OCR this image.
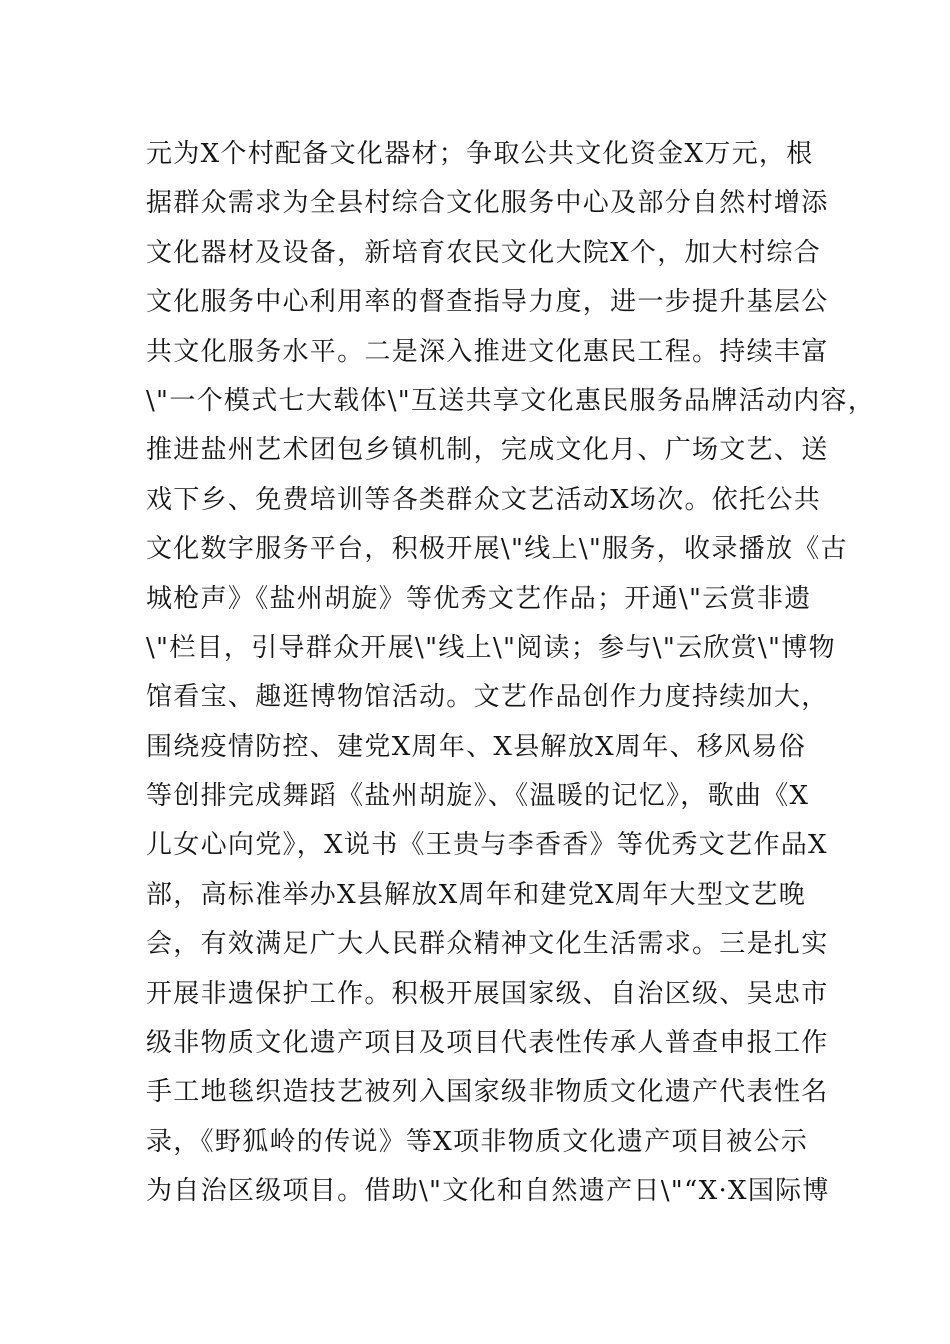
元为X个村配备文化器材；争取公共文化资金X万元，根
据群众需求为全县村综合文化服务中心及部分自然村增添
文化器材及设备，新培育农民文化大院X个，加大村综合
文化服务中心利用率的督查指导力度，进一步提升基层公
共文化服务水平。二是深入推进文化惠民工程。持续丰富
\"一个模式七大载体\"互送共享文化惠民服务品牌活动内容，
推进盐州艺术团包乡镇机制，完成文化月、广场文艺、送
戏下乡、免费培训等各类群众文艺活动X场次。依托公共
文化数字服务平台，积极开展\"线上\"服务，收录播放《古
城枪声》《盐州胡旋》等优秀文艺作品；开通\"云赏非遗
\"栏目，引导群众开展\"线上\"阅读；参与\"云欣赏\"博物
馆看宝、趣逛博物馆活动。文艺作品创作力度持续加大，
围绕疫情防控、建党X周年、X县解放X周年、移风易俗
等创排完成舞蹈《盐州胡旋》、《温暖的记忆》，歌曲《X
儿女心向党》，X说书《王贵与李香香》等优秀文艺作品X
部，高标准举办X县解放X周年和建党X周年大型文艺晚
会，有效满足广大人民群众精神文化生活需求。三是扎实
开展非遗保护工作。积极开展国家级、自治区级、吴忠市
级非物质文化遗产项目及项目代表性传承人普查申报工作
手工地毯织造技艺被列入国家级非物质文化遗产代表性名
录，《野狐岭的传说》等X项非物质文化遗产项目被公示
为自治区级项目。借助\"文化和自然遗产日\"“X·X国际博
